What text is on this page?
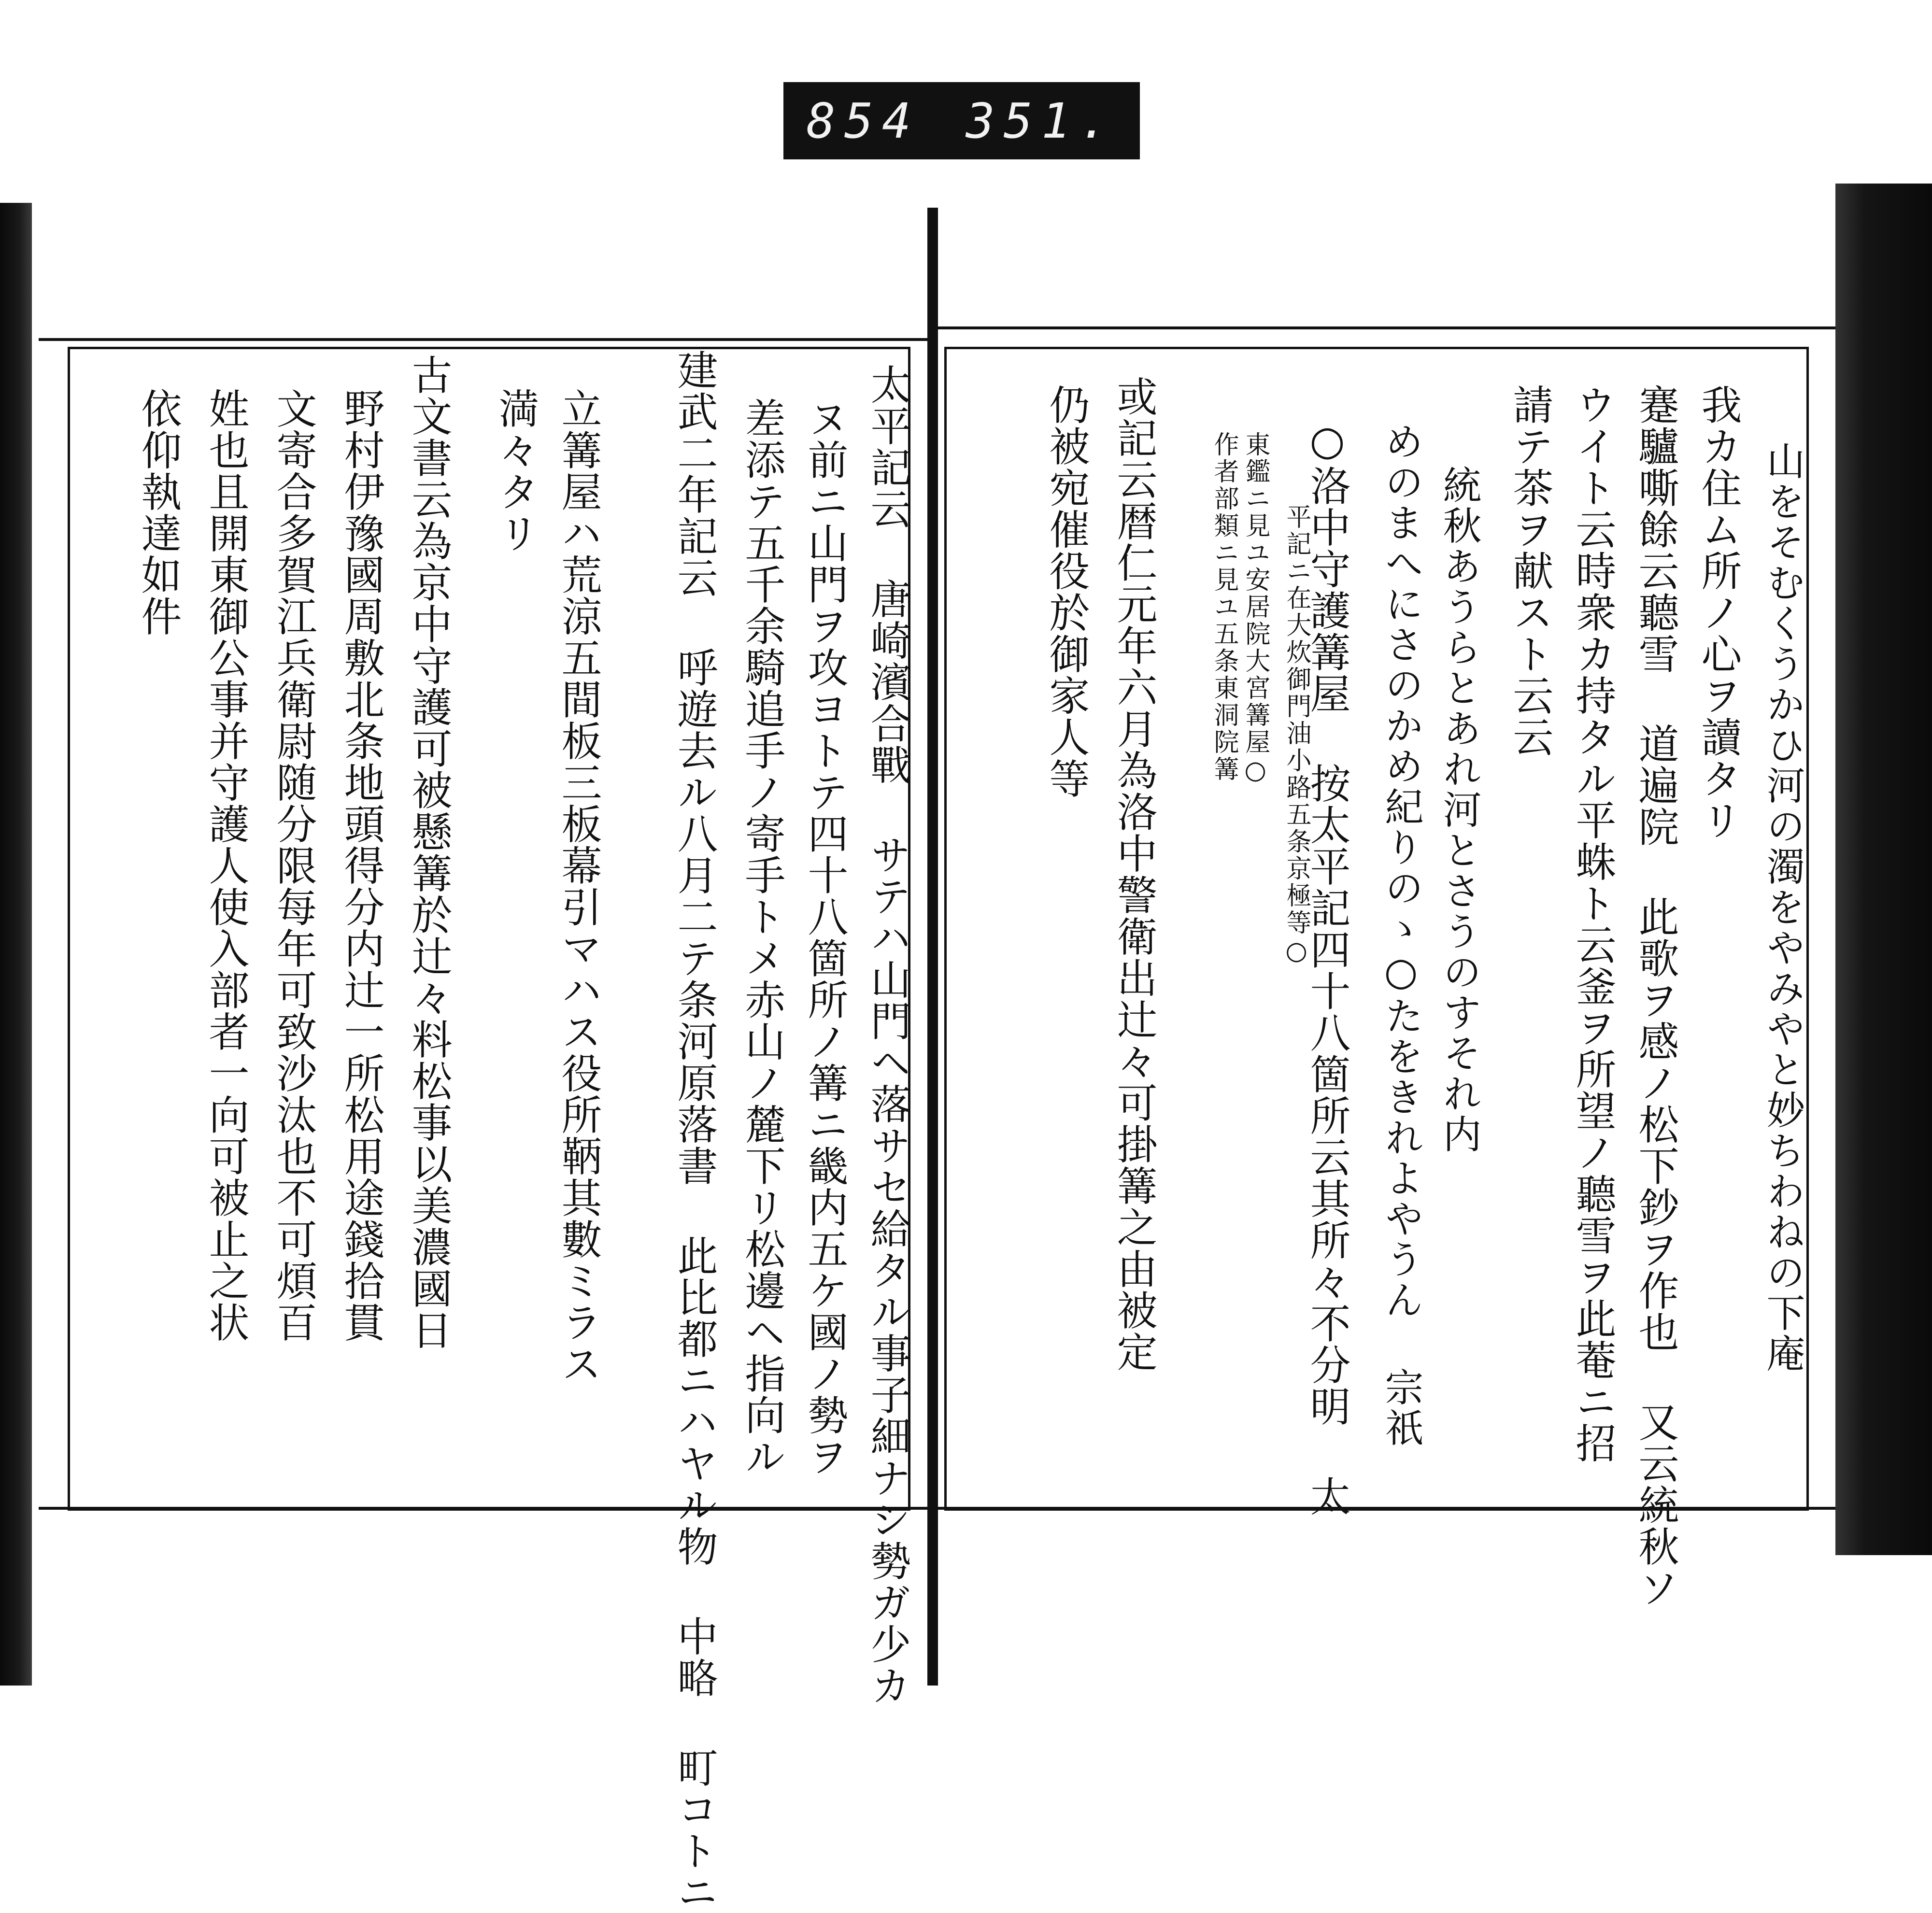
854 351.
山をそむくうかひ河の濁をやみやと妙ちわねの下庵
我カ住ム所ノ心ヲ讀タリ
蹇驢嘶餘云聽雪 道遍院 此歌ヲ感ノ松下鈔ヲ作也 又云統秋ソ
ウイト云時衆カ持タル平蛛ト云釜ヲ所望ノ聽雪ヲ此菴ニ招
請テ茶ヲ献スト云云
統秋あうらとあれ河とさうのすそれ内
めのまへにさのかめ紀りのゝ○たをきれよやうん 宗祇
○洛中守護篝屋 按太平記四十八箇所云其所々不分明 太
平記ニ在大炊御門油小路五条京極等○
東鑑ニ見ユ安居院大宮篝屋○
作者部類ニ見ユ五条東洞院篝
或記云暦仁元年六月為洛中警衛出辻々可掛篝之由被定
仍被宛催役於御家人等
太平記云 唐崎濱合戰 サテハ山門ヘ落サセ給タル事子細ナシ勢ガ少カ
ヌ前ニ山門ヲ攻ヨトテ四十八箇所ノ篝ニ畿内五ケ國ノ勢ヲ
差添テ五千余騎追手ノ寄手トメ赤山ノ麓下リ松邊ヘ指向ル
建武二年記云 呼遊去ル八月二テ条河原落書 此比都ニハヤル物 中略 町コトニ
立篝屋ハ荒涼五間板三板幕引マハス役所鞆其數ミラス
満々タリ
古文書云為京中守護可被懸篝於辻々料松事以美濃國日
野村伊豫國周敷北条地頭得分内辻一所松用途錢拾貫
文寄合多賀江兵衛尉随分限每年可致沙汰也不可煩百
姓也且開東御公事并守護人使入部者一向可被止之状
依仰執達如件
